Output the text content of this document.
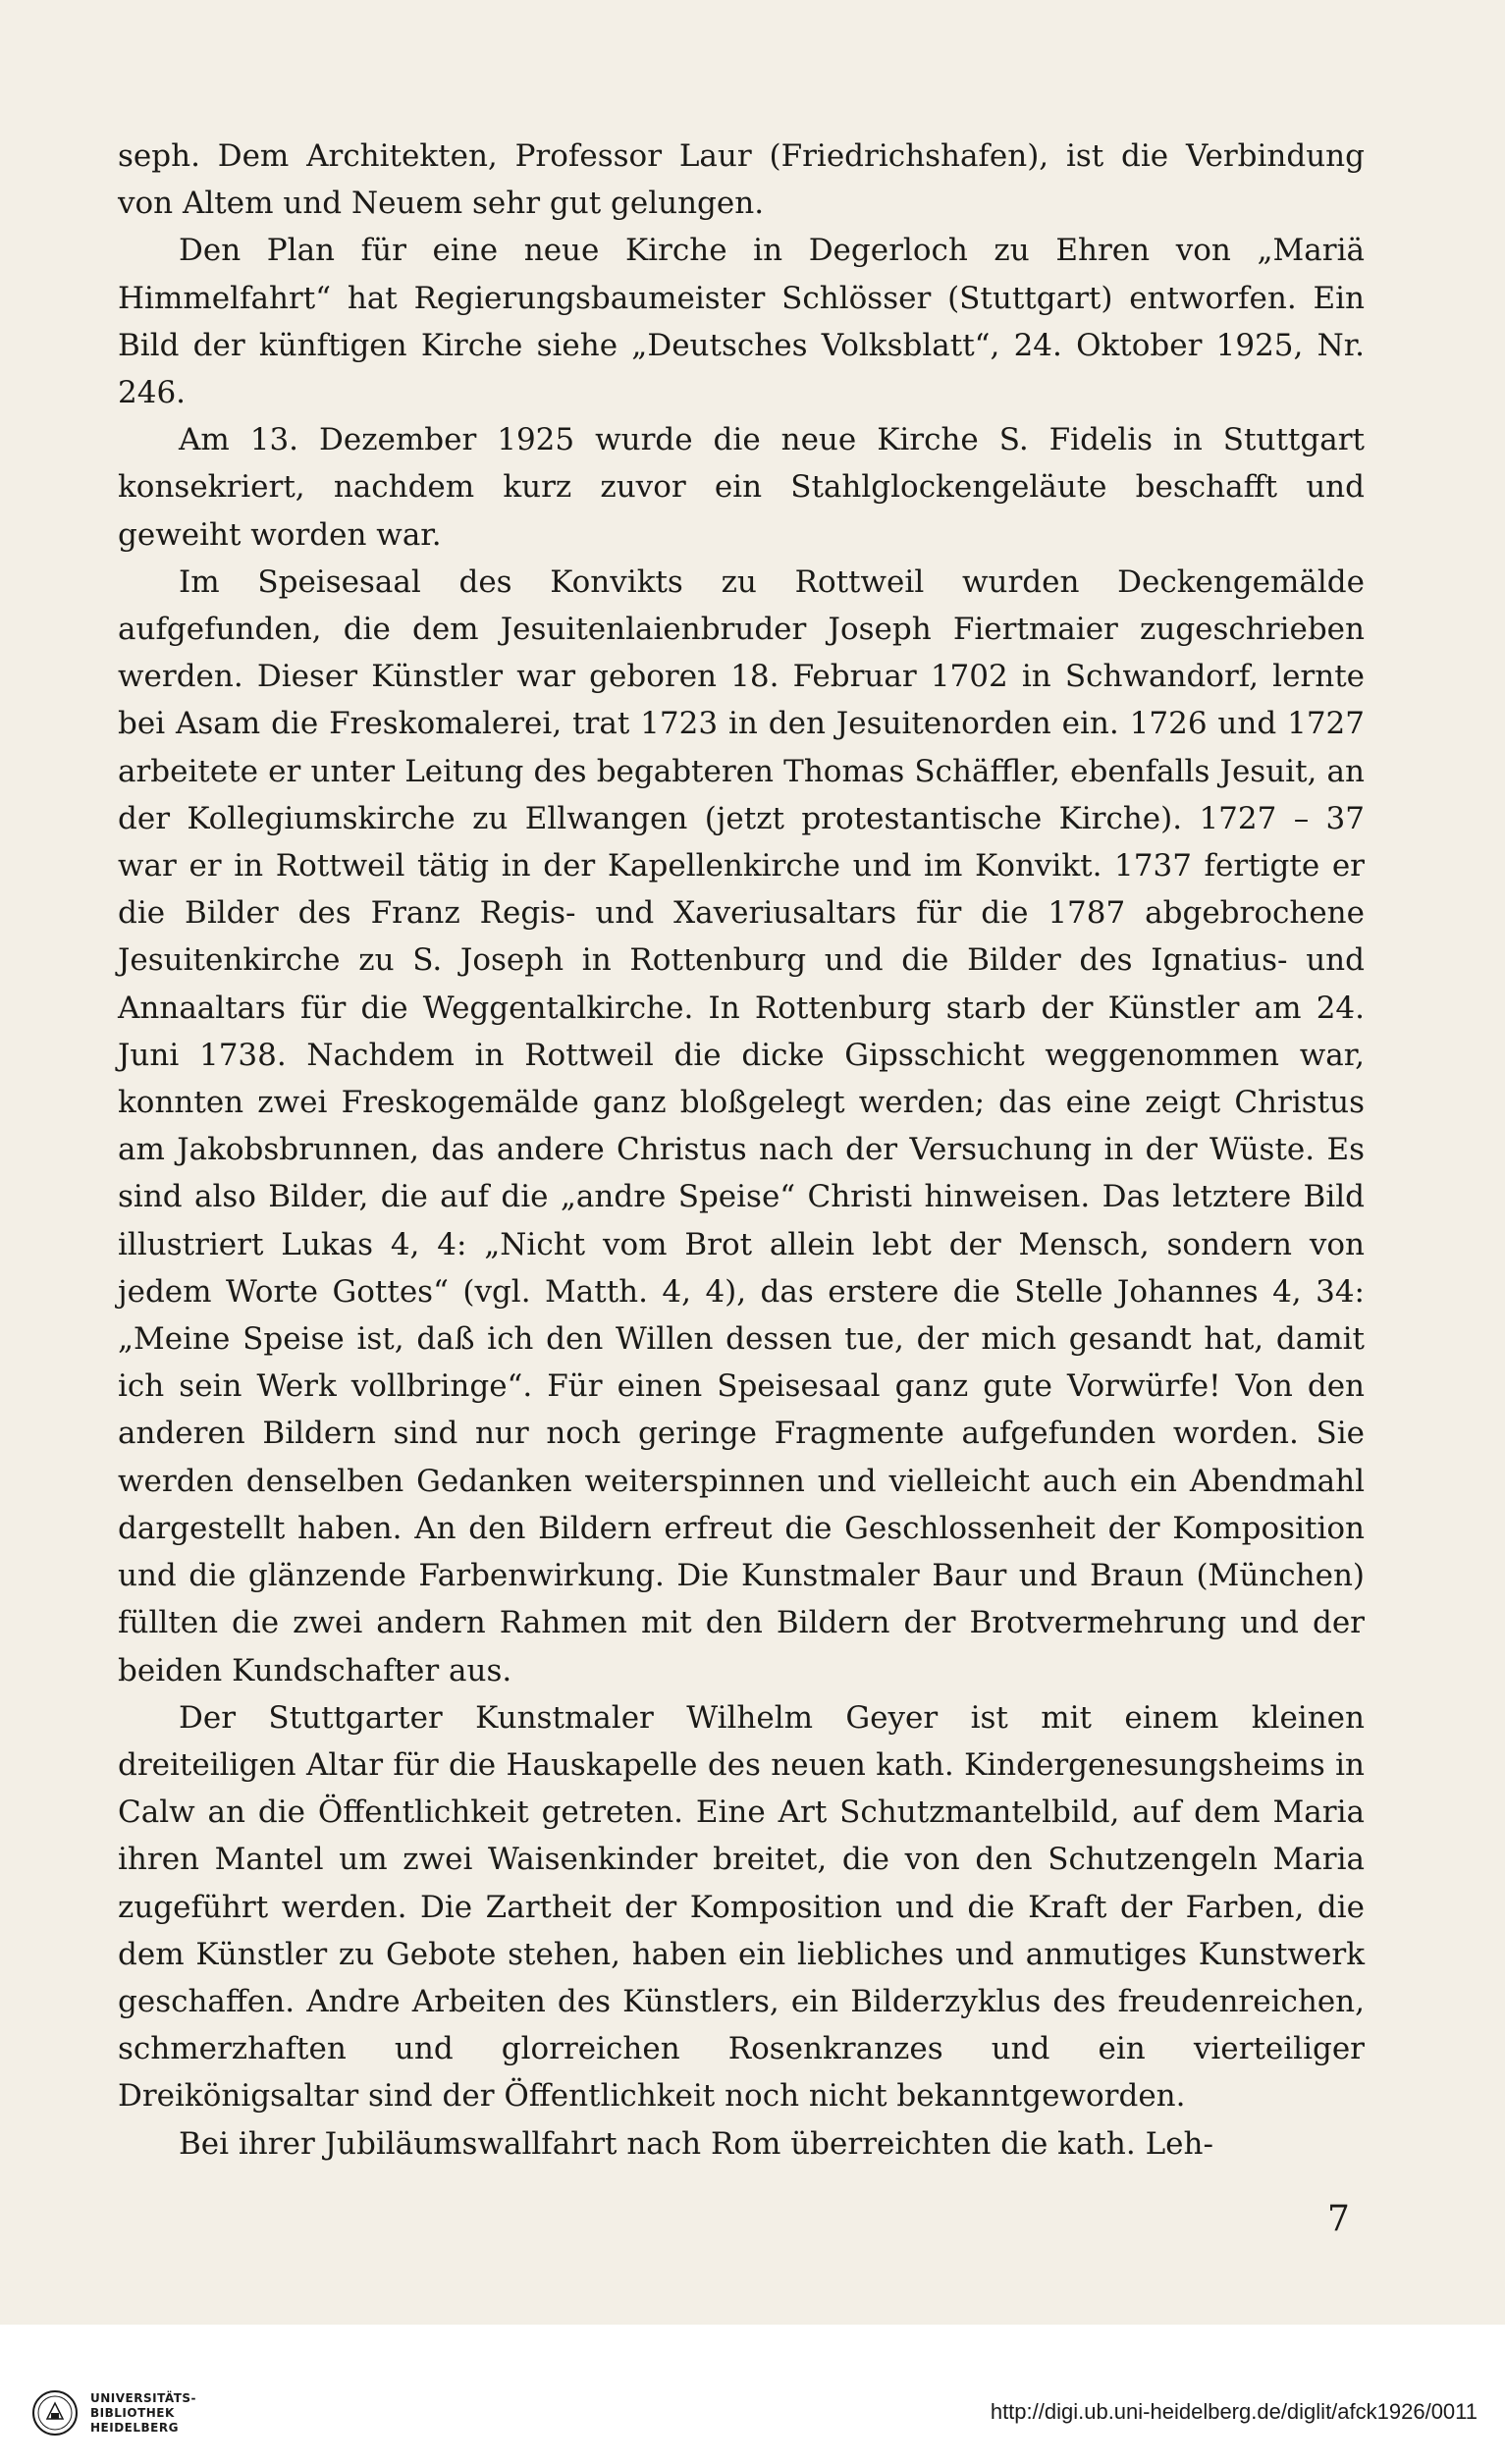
seph. Dem Architekten, Professor Laur (Friedrichshafen), ist die Verbindung von Altem und Neuem sehr gut gelungen.

Den Plan für eine neue Kirche in Degerloch zu Ehren von „Mariä Himmelfahrt“ hat Regierungsbaumeister Schlösser (Stuttgart) entworfen. Ein Bild der künftigen Kirche siehe „Deutsches Volksblatt“, 24. Oktober 1925, Nr. 246.

Am 13. Dezember 1925 wurde die neue Kirche S. Fidelis in Stuttgart konsekriert, nachdem kurz zuvor ein Stahlglockengeläute beschafft und geweiht worden war.

Im Speisesaal des Konvikts zu Rottweil wurden Deckengemälde aufgefunden, die dem Jesuitenlaienbruder Joseph Fiertmaier zugeschrieben werden. Dieser Künstler war geboren 18. Februar 1702 in Schwandorf, lernte bei Asam die Freskomalerei, trat 1723 in den Jesuitenorden ein. 1726 und 1727 arbeitete er unter Leitung des begabteren Thomas Schäffler, ebenfalls Jesuit, an der Kollegiumskirche zu Ellwangen (jetzt protestantische Kirche). 1727 – 37 war er in Rottweil tätig in der Kapellenkirche und im Konvikt. 1737 fertigte er die Bilder des Franz Regis- und Xaveriusaltars für die 1787 abgebrochene Jesuitenkirche zu S. Joseph in Rottenburg und die Bilder des Ignatius- und Annaaltars für die Weggentalkirche. In Rottenburg starb der Künstler am 24. Juni 1738. Nachdem in Rottweil die dicke Gipsschicht weggenommen war, konnten zwei Freskogemälde ganz bloßgelegt werden; das eine zeigt Christus am Jakobsbrunnen, das andere Christus nach der Versuchung in der Wüste. Es sind also Bilder, die auf die „andre Speise“ Christi hinweisen. Das letztere Bild illustriert Lukas 4, 4: „Nicht vom Brot allein lebt der Mensch, sondern von jedem Worte Gottes“ (vgl. Matth. 4, 4), das erstere die Stelle Johannes 4, 34: „Meine Speise ist, daß ich den Willen dessen tue, der mich gesandt hat, damit ich sein Werk vollbringe“. Für einen Speisesaal ganz gute Vorwürfe! Von den anderen Bildern sind nur noch geringe Fragmente aufgefunden worden. Sie werden denselben Gedanken weiterspinnen und vielleicht auch ein Abendmahl dargestellt haben. An den Bildern erfreut die Geschlossenheit der Komposition und die glänzende Farbenwirkung. Die Kunstmaler Baur und Braun (München) füllten die zwei andern Rahmen mit den Bildern der Brotvermehrung und der beiden Kundschafter aus.

Der Stuttgarter Kunstmaler Wilhelm Geyer ist mit einem kleinen dreiteiligen Altar für die Hauskapelle des neuen kath. Kindergenesungsheims in Calw an die Öffentlichkeit getreten. Eine Art Schutzmantelbild, auf dem Maria ihren Mantel um zwei Waisenkinder breitet, die von den Schutzengeln Maria zugeführt werden. Die Zartheit der Komposition und die Kraft der Farben, die dem Künstler zu Gebote stehen, haben ein liebliches und anmutiges Kunstwerk geschaffen. Andre Arbeiten des Künstlers, ein Bilderzyklus des freudenreichen, schmerzhaften und glorreichen Rosenkranzes und ein vierteiliger Dreikönigsaltar sind der Öffentlichkeit noch nicht bekanntgeworden.

Bei ihrer Jubiläumswallfahrt nach Rom überreichten die kath. Leh-

7
UNIVERSITÄTS-
BIBLIOTHEK
HEIDELBERG
http://digi.ub.uni-heidelberg.de/diglit/afck1926/0011
